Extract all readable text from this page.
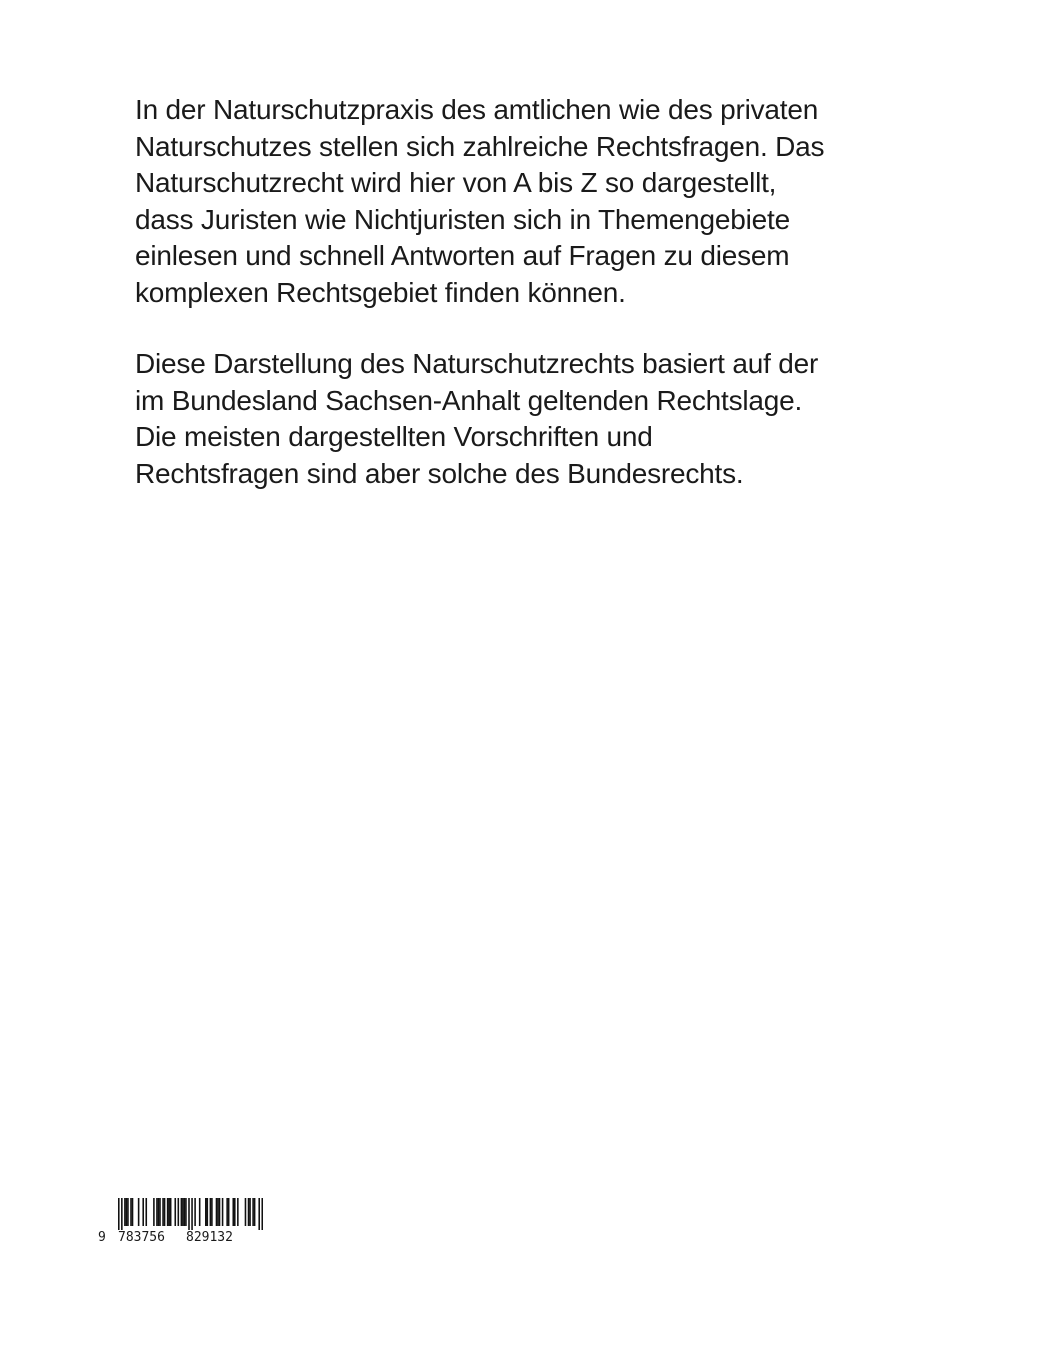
In der Naturschutzpraxis des amtlichen wie des privaten
Naturschutzes stellen sich zahlreiche Rechtsfragen. Das
Naturschutzrecht wird hier von A bis Z so dargestellt,
dass Juristen wie Nichtjuristen sich in Themengebiete
einlesen und schnell Antworten auf Fragen zu diesem
komplexen Rechtsgebiet finden können.

Diese Darstellung des Naturschutzrechts basiert auf der
im Bundesland Sachsen-Anhalt geltenden Rechtslage.
Die meisten dargestellten Vorschriften und
Rechtsfragen sind aber solche des Bundesrechts.

9 783756	829132
